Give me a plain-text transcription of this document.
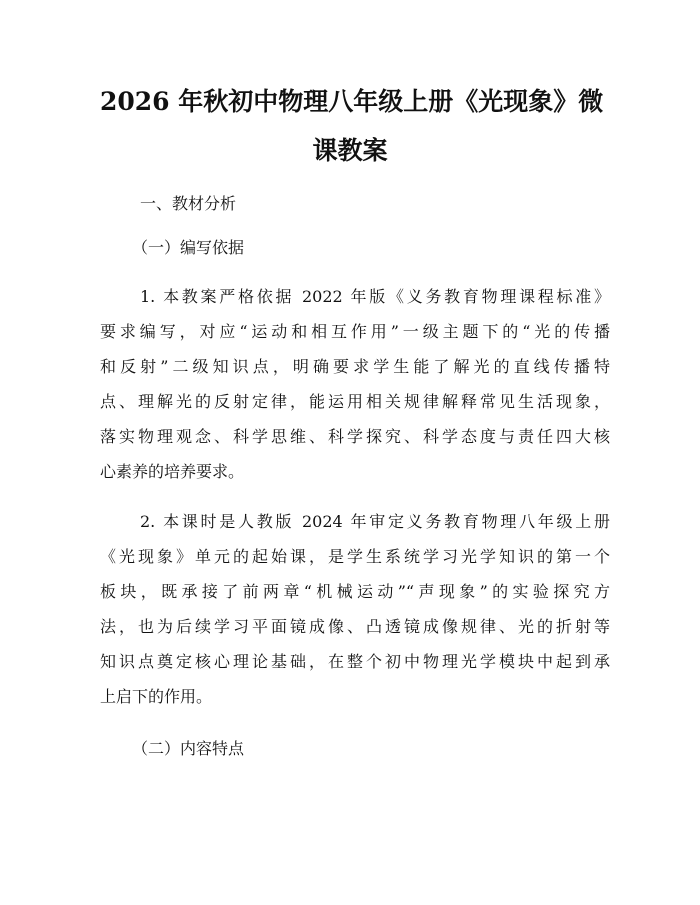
2026 年秋初中物理八年级上册《光现象》微
课教案

一、教材分析

（一）编写依据

1. 本教案严格依据 2022 年版《义务教育物理课程标准》
要求编写，对应“运动和相互作用”一级主题下的“光的传播
和反射”二级知识点，明确要求学生能了解光的直线传播特
点、理解光的反射定律，能运用相关规律解释常见生活现象，
落实物理观念、科学思维、科学探究、科学态度与责任四大核
心素养的培养要求。
2. 本课时是人教版 2024 年审定义务教育物理八年级上册
《光现象》单元的起始课，是学生系统学习光学知识的第一个
板块，既承接了前两章“机械运动”“声现象”的实验探究方
法，也为后续学习平面镜成像、凸透镜成像规律、光的折射等
知识点奠定核心理论基础，在整个初中物理光学模块中起到承
上启下的作用。

（二）内容特点
